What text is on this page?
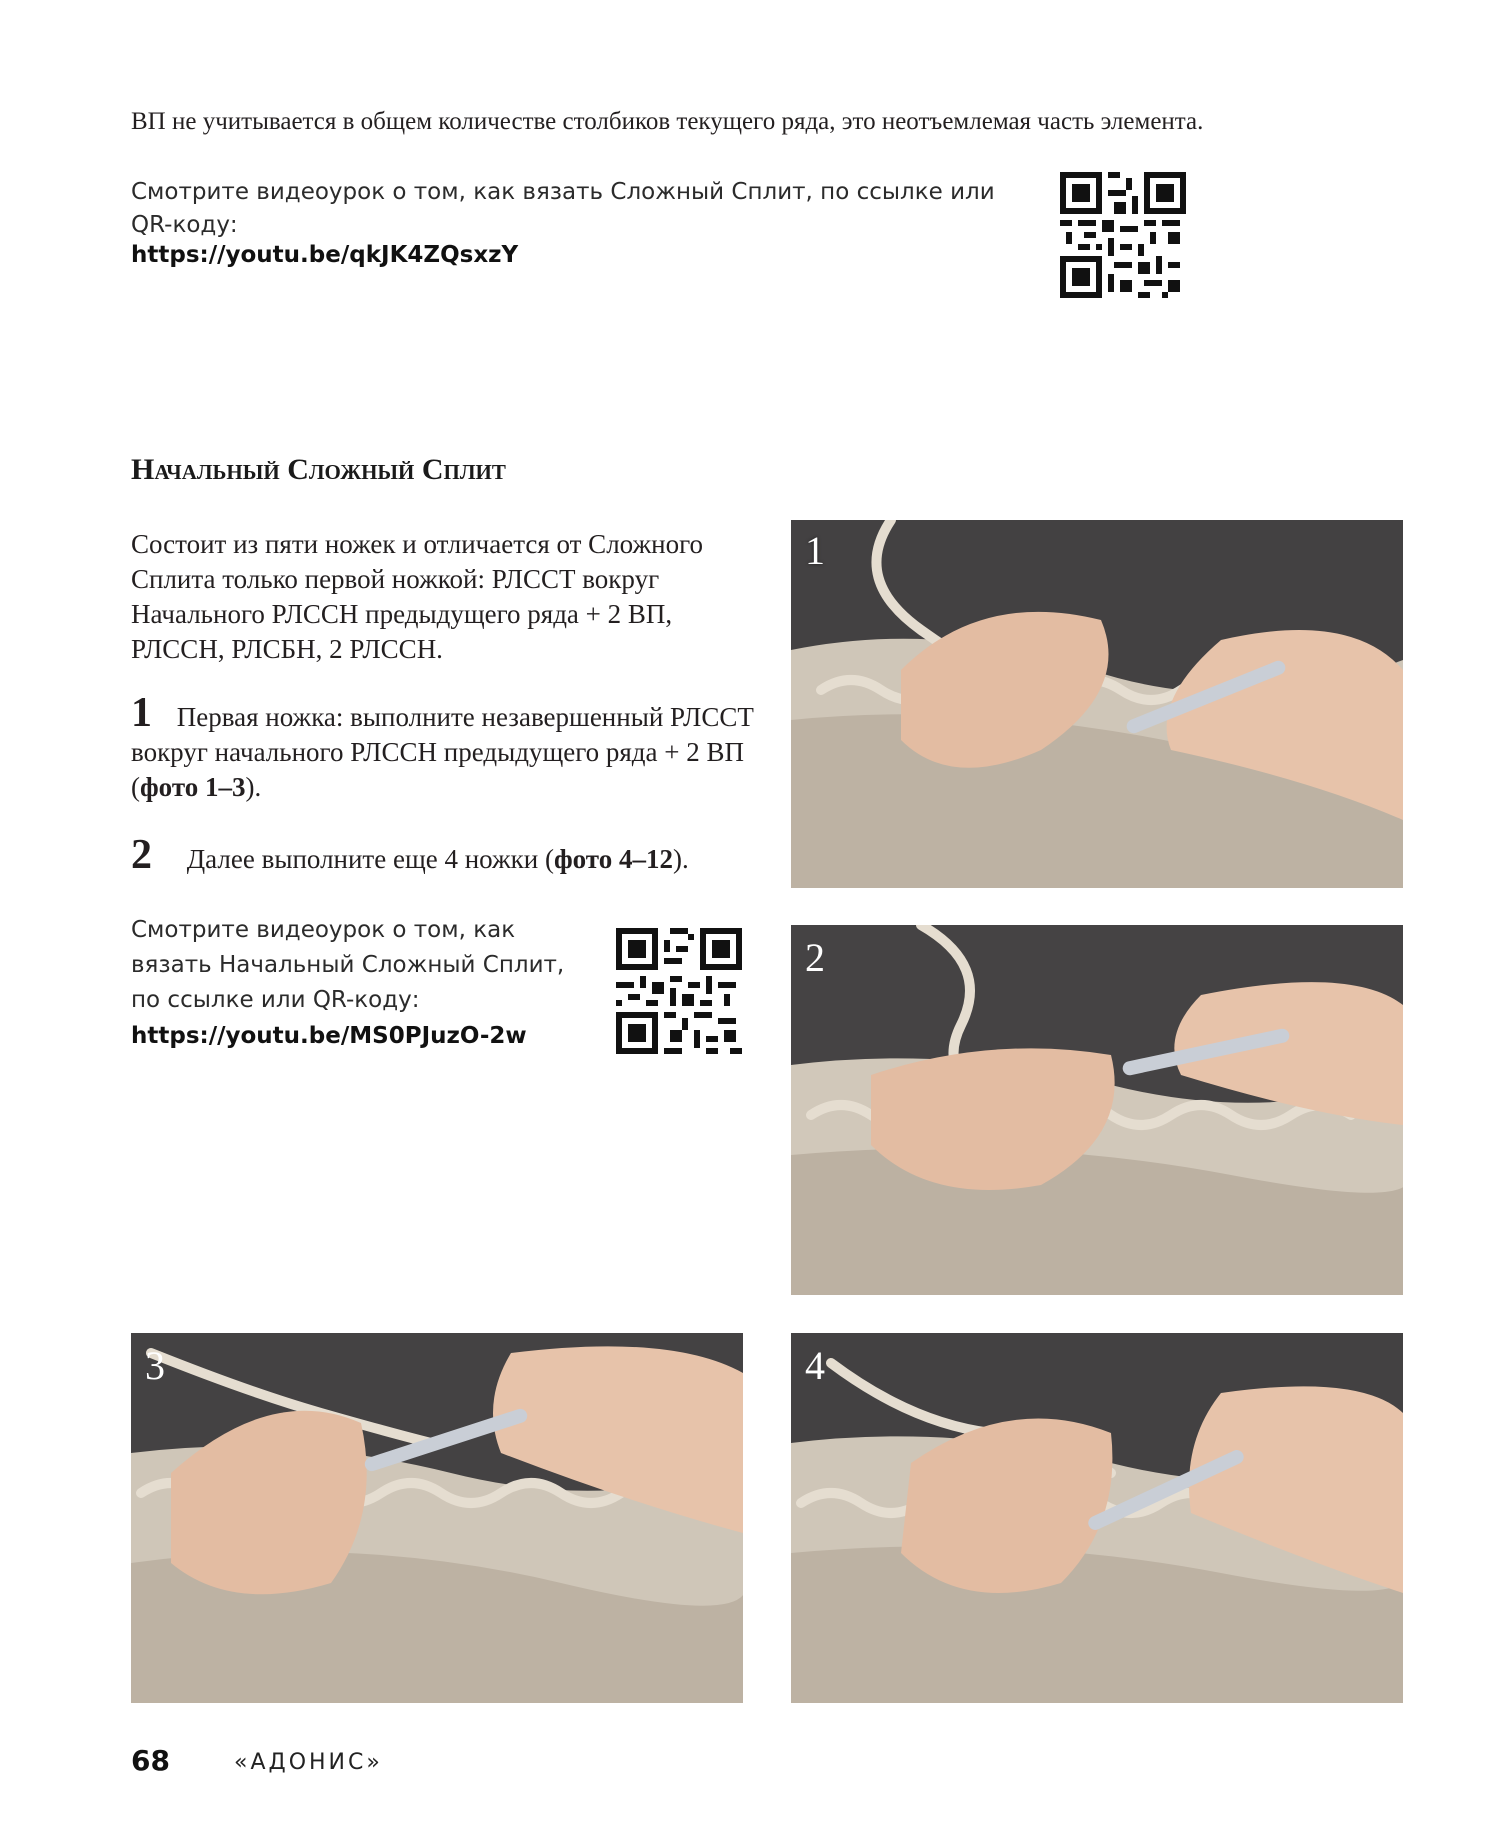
ВП не учитывается в общем количестве столбиков текущего ряда, это неотъемлемая часть элемента.
Смотрите видеоурок о том, как вязать Сложный Сплит, по ссылке или QR-коду:
https://youtu.be/qkJK4ZQsxzY
Начальный Сложный Сплит
Состоит из пяти ножек и отличается от Сложного Сплита только первой ножкой: РЛССТ вокруг Начального РЛССН предыдущего ряда + 2 ВП, РЛССН, РЛСБН, 2 РЛССН.
1 Первая ножка: выполните незавершенный РЛССТ вокруг начального РЛССН предыдущего ряда + 2 ВП (фото 1–3).
2 Далее выполните еще 4 ножки (фото 4–12).
Смотрите видеоурок о том, как вязать Начальный Сложный Сплит, по ссылке или QR-коду:
https://youtu.be/MS0PJuzO-2w
1
2
3	4
68	«АДОНИС»
